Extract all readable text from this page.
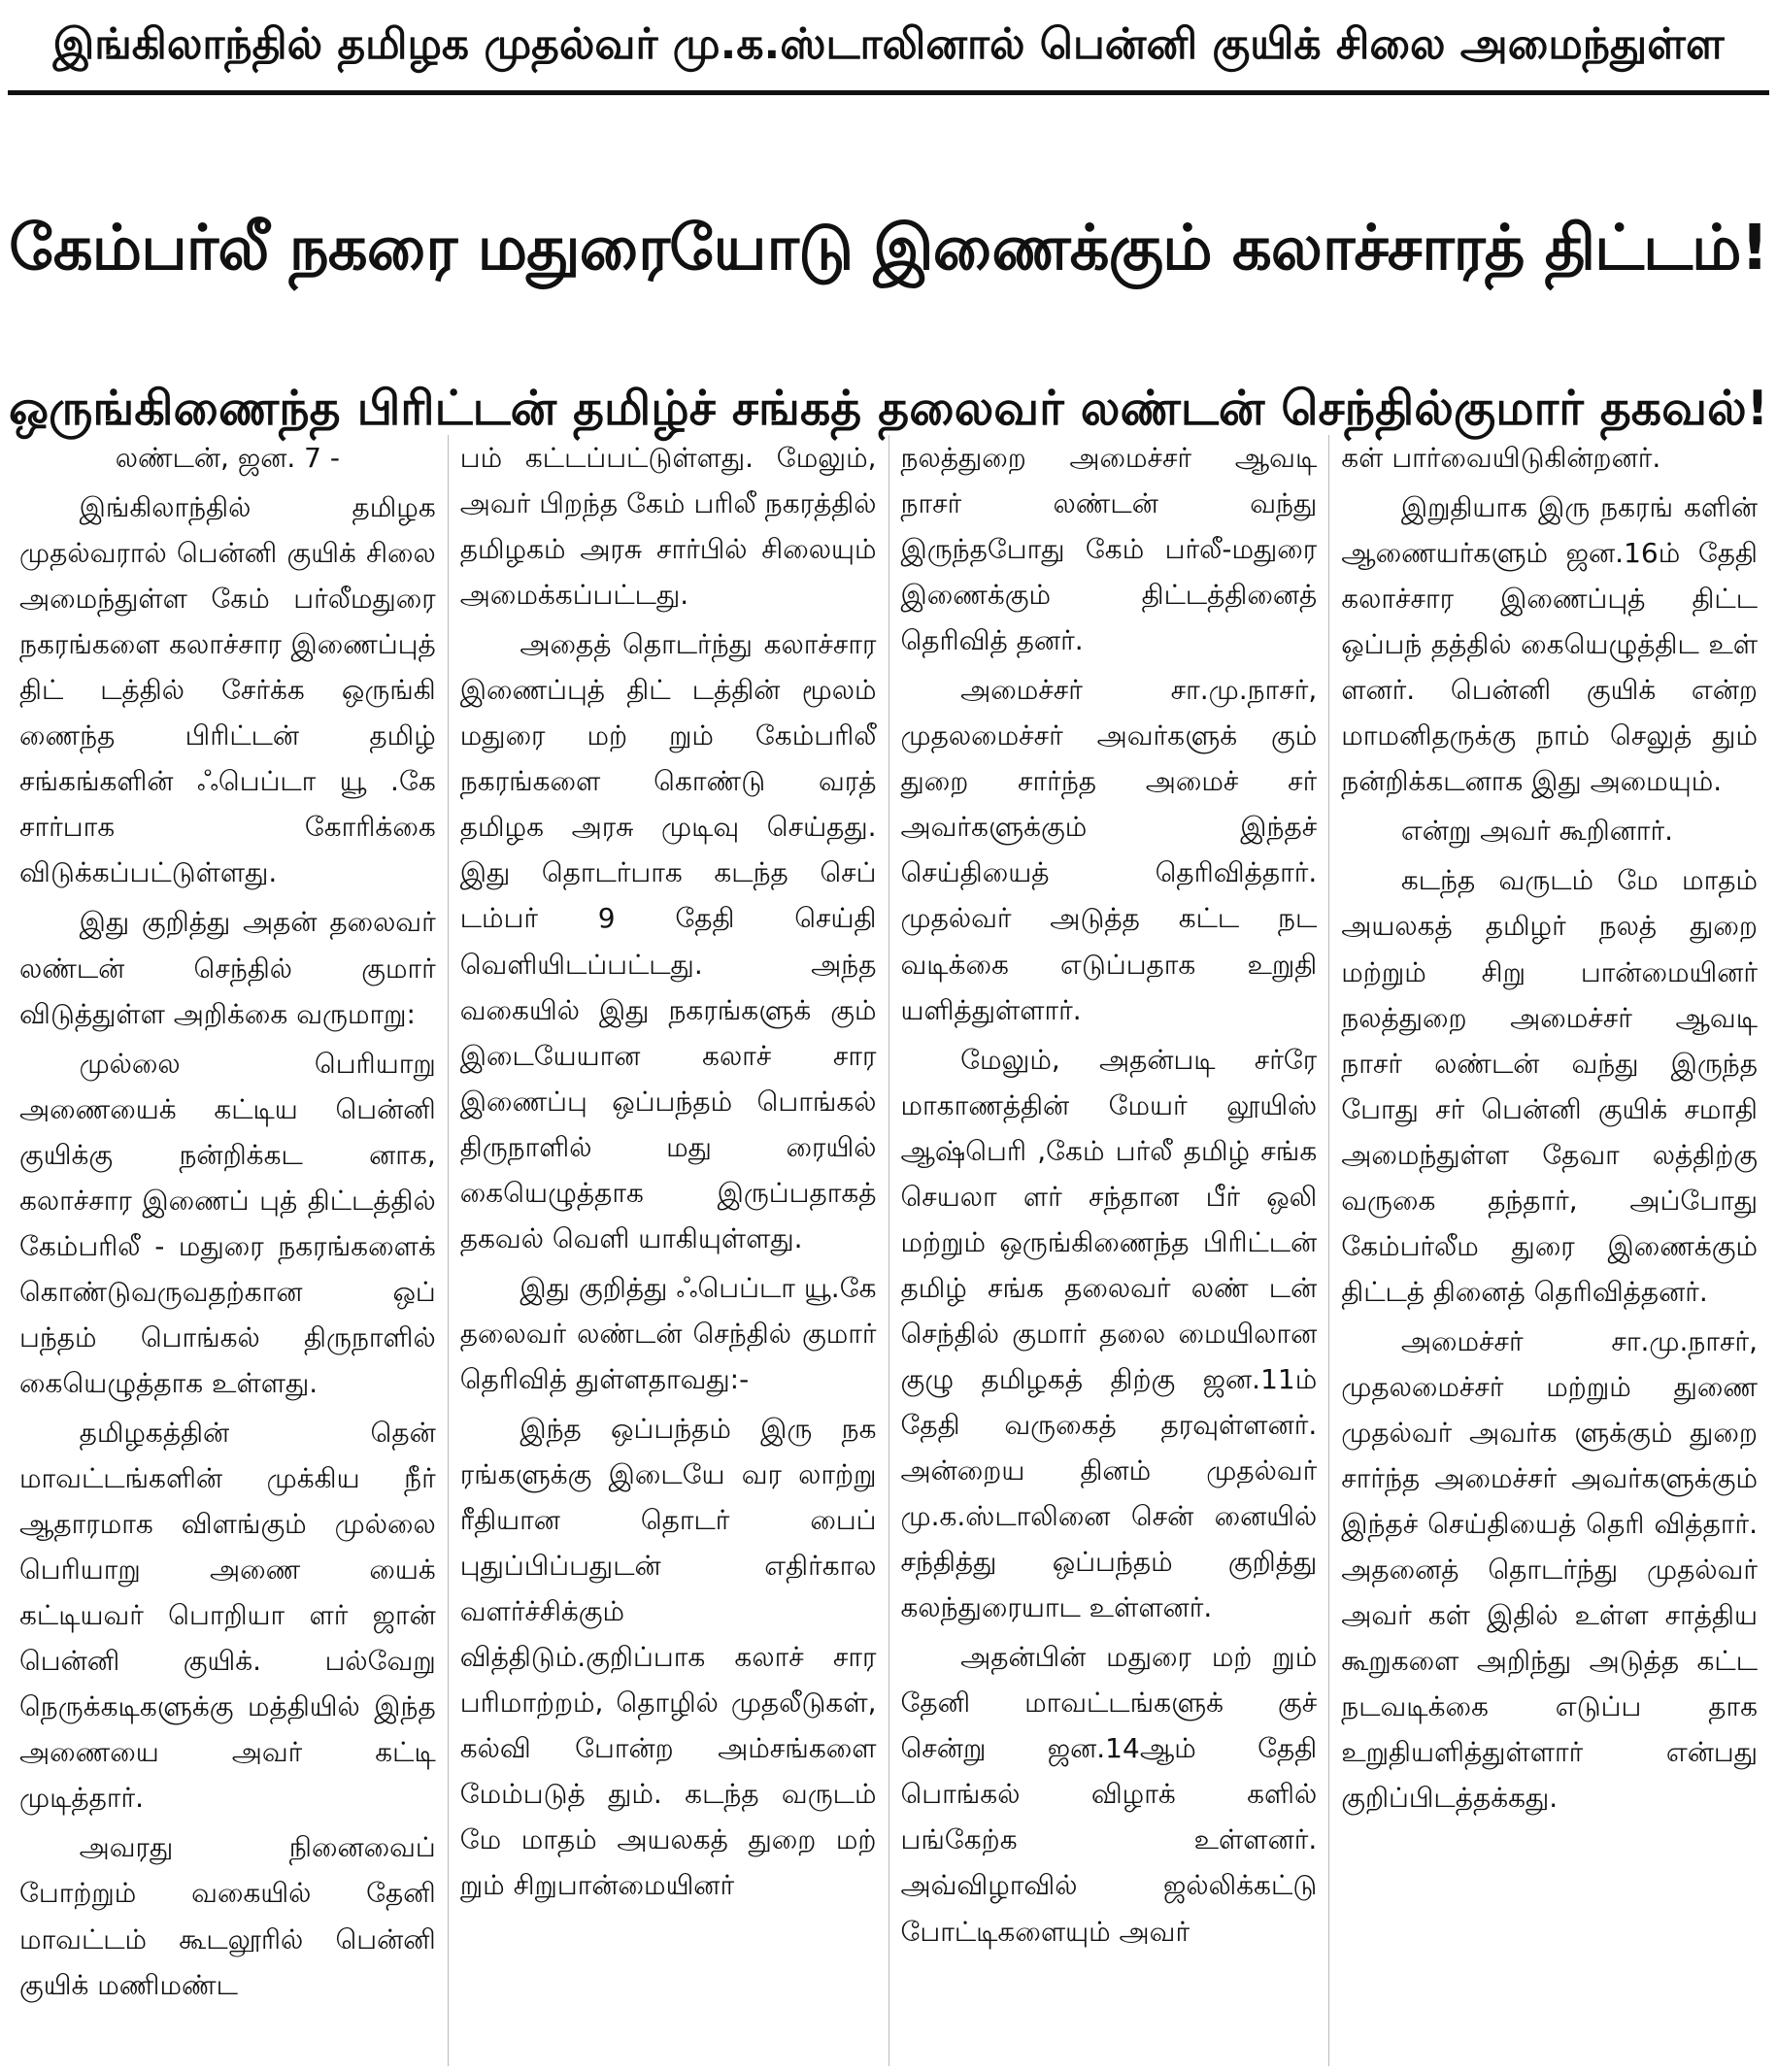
இங்கிலாந்தில் தமிழக முதல்வர் மு.க.ஸ்டாலினால் பென்னி குயிக் சிலை அமைந்துள்ள
கேம்பர்லீ நகரை மதுரையோடு இணைக்கும் கலாச்சாரத் திட்டம்!
ஒருங்கிணைந்த பிரிட்டன் தமிழ்ச் சங்கத் தலைவர் லண்டன் செந்தில்குமார் தகவல்!

லண்டன், ஜன. 7 -

இங்கிலாந்தில் தமிழக முதல்வரால் பென்னி குயிக் சிலை அமைந்துள்ள கேம் பர்லீமதுரை நகரங்களை கலாச்சார இணைப்புத் திட் டத்தில் சேர்க்க ஒருங்கி ணைந்த பிரிட்டன் தமிழ் சங்கங்களின் ஃபெப்டா யூ .கே சார்பாக கோரிக்கை விடுக்கப்பட்டுள்ளது.

இது குறித்து அதன் தலைவர் லண்டன் செந்தில் குமார் விடுத்துள்ள அறிக்கை வருமாறு:

முல்லை பெரியாறு அணையைக் கட்டிய பென்னி குயிக்கு நன்றிக்கட னாக, கலாச்சார இணைப் புத் திட்டத்தில் கேம்பரிலீ - மதுரை நகரங்களைக் கொண்டுவருவதற்கான ஒப் பந்தம் பொங்கல் திருநாளில் கையெழுத்தாக உள்ளது.

தமிழகத்தின் தென் மாவட்டங்களின் முக்கிய நீர் ஆதாரமாக விளங்கும் முல்லை பெரியாறு அணை யைக் கட்டியவர் பொறியா ளர் ஜான் பென்னி குயிக். பல்வேறு நெருக்கடிகளுக்கு மத்தியில் இந்த அணையை அவர் கட்டி முடித்தார்.

அவரது நினைவைப் போற்றும் வகையில் தேனி மாவட்டம் கூடலூரில் பென்னி குயிக் மணிமண்ட

பம் கட்டப்பட்டுள்ளது. மேலும், அவர் பிறந்த கேம் பரிலீ நகரத்தில் தமிழகம் அரசு சார்பில் சிலையும் அமைக்கப்பட்டது.

அதைத் தொடர்ந்து கலாச்சார இணைப்புத் திட் டத்தின் மூலம் மதுரை மற் றும் கேம்பரிலீ நகரங்களை கொண்டு வரத் தமிழக அரசு முடிவு செய்தது. இது தொடர்பாக கடந்த செப் டம்பர் 9 தேதி செய்தி வெளியிடப்பட்டது. அந்த வகையில் இது நகரங்களுக் கும் இடையேயான கலாச் சார இணைப்பு ஒப்பந்தம் பொங்கல் திருநாளில் மது ரையில் கையெழுத்தாக இருப்பதாகத் தகவல் வெளி யாகியுள்ளது.

இது குறித்து ஃபெப்டா யூ.கே தலைவர் லண்டன் செந்தில் குமார் தெரிவித் துள்ளதாவது:-

இந்த ஒப்பந்தம் இரு நக ரங்களுக்கு இடையே வர லாற்று ரீதியான தொடர் பைப் புதுப்பிப்பதுடன் எதிர்கால வளர்ச்சிக்கும் வித்திடும்.குறிப்பாக கலாச் சார பரிமாற்றம், தொழில் முதலீடுகள், கல்வி போன்ற அம்சங்களை மேம்படுத் தும். கடந்த வருடம் மே மாதம் அயலகத் துறை மற் றும் சிறுபான்மையினர்

நலத்துறை அமைச்சர் ஆவடி நாசர் லண்டன் வந்து இருந்தபோது கேம் பர்லீ-மதுரை இணைக்கும் திட்டத்தினைத் தெரிவித் தனர்.

அமைச்சர் சா.மு.நாசர், முதலமைச்சர் அவர்களுக் கும் துறை சார்ந்த அமைச் சர் அவர்களுக்கும் இந்தச் செய்தியைத் தெரிவித்தார். முதல்வர் அடுத்த கட்ட நட வடிக்கை எடுப்பதாக உறுதி யளித்துள்ளார்.

மேலும், அதன்படி சர்ரே மாகாணத்தின் மேயர் லூயிஸ் ஆஷ்பெரி ,கேம் பர்லீ தமிழ் சங்க செயலா ளர் சந்தான பீர் ஒலி மற்றும் ஒருங்கிணைந்த பிரிட்டன் தமிழ் சங்க தலைவர் லண் டன் செந்தில் குமார் தலை மையிலான குழு தமிழகத் திற்கு ஜன.11ம் தேதி வருகைத் தரவுள்ளனர். அன்றைய தினம் முதல்வர் மு.க.ஸ்டாலினை சென் னையில் சந்தித்து ஒப்பந்தம் குறித்து கலந்துரையாட உள்ளனர்.

அதன்பின் மதுரை மற் றும் தேனி மாவட்டங்களுக் குச் சென்று ஜன.14ஆம் தேதி பொங்கல் விழாக் களில் பங்கேற்க உள்ளனர். அவ்விழாவில் ஜல்லிக்கட்டு போட்டிகளையும் அவர்

கள் பார்வையிடுகின்றனர்.

இறுதியாக இரு நகரங் களின் ஆணையர்களும் ஜன.16ம் தேதி கலாச்சார இணைப்புத் திட்ட ஒப்பந் தத்தில் கையெழுத்திட உள் ளனர். பென்னி குயிக் என்ற மாமனிதருக்கு நாம் செலுத் தும் நன்றிக்கடனாக இது அமையும்.

என்று அவர் கூறினார்.

கடந்த வருடம் மே மாதம் அயலகத் தமிழர் நலத் துறை மற்றும் சிறு பான்மையினர் நலத்துறை அமைச்சர் ஆவடி நாசர் லண்டன் வந்து இருந்த போது சர் பென்னி குயிக் சமாதி அமைந்துள்ள தேவா லத்திற்கு வருகை தந்தார், அப்போது கேம்பர்லீம துரை இணைக்கும் திட்டத் தினைத் தெரிவித்தனர்.

அமைச்சர் சா.மு.நாசர், முதலமைச்சர் மற்றும் துணை முதல்வர் அவர்க ளுக்கும் துறை சார்ந்த அமைச்சர் அவர்களுக்கும் இந்தச் செய்தியைத் தெரி வித்தார். அதனைத் தொடர்ந்து முதல்வர் அவர் கள் இதில் உள்ள சாத்திய கூறுகளை அறிந்து அடுத்த கட்ட நடவடிக்கை எடுப்ப தாக உறுதியளித்துள்ளார் என்பது குறிப்பிடத்தக்கது.
